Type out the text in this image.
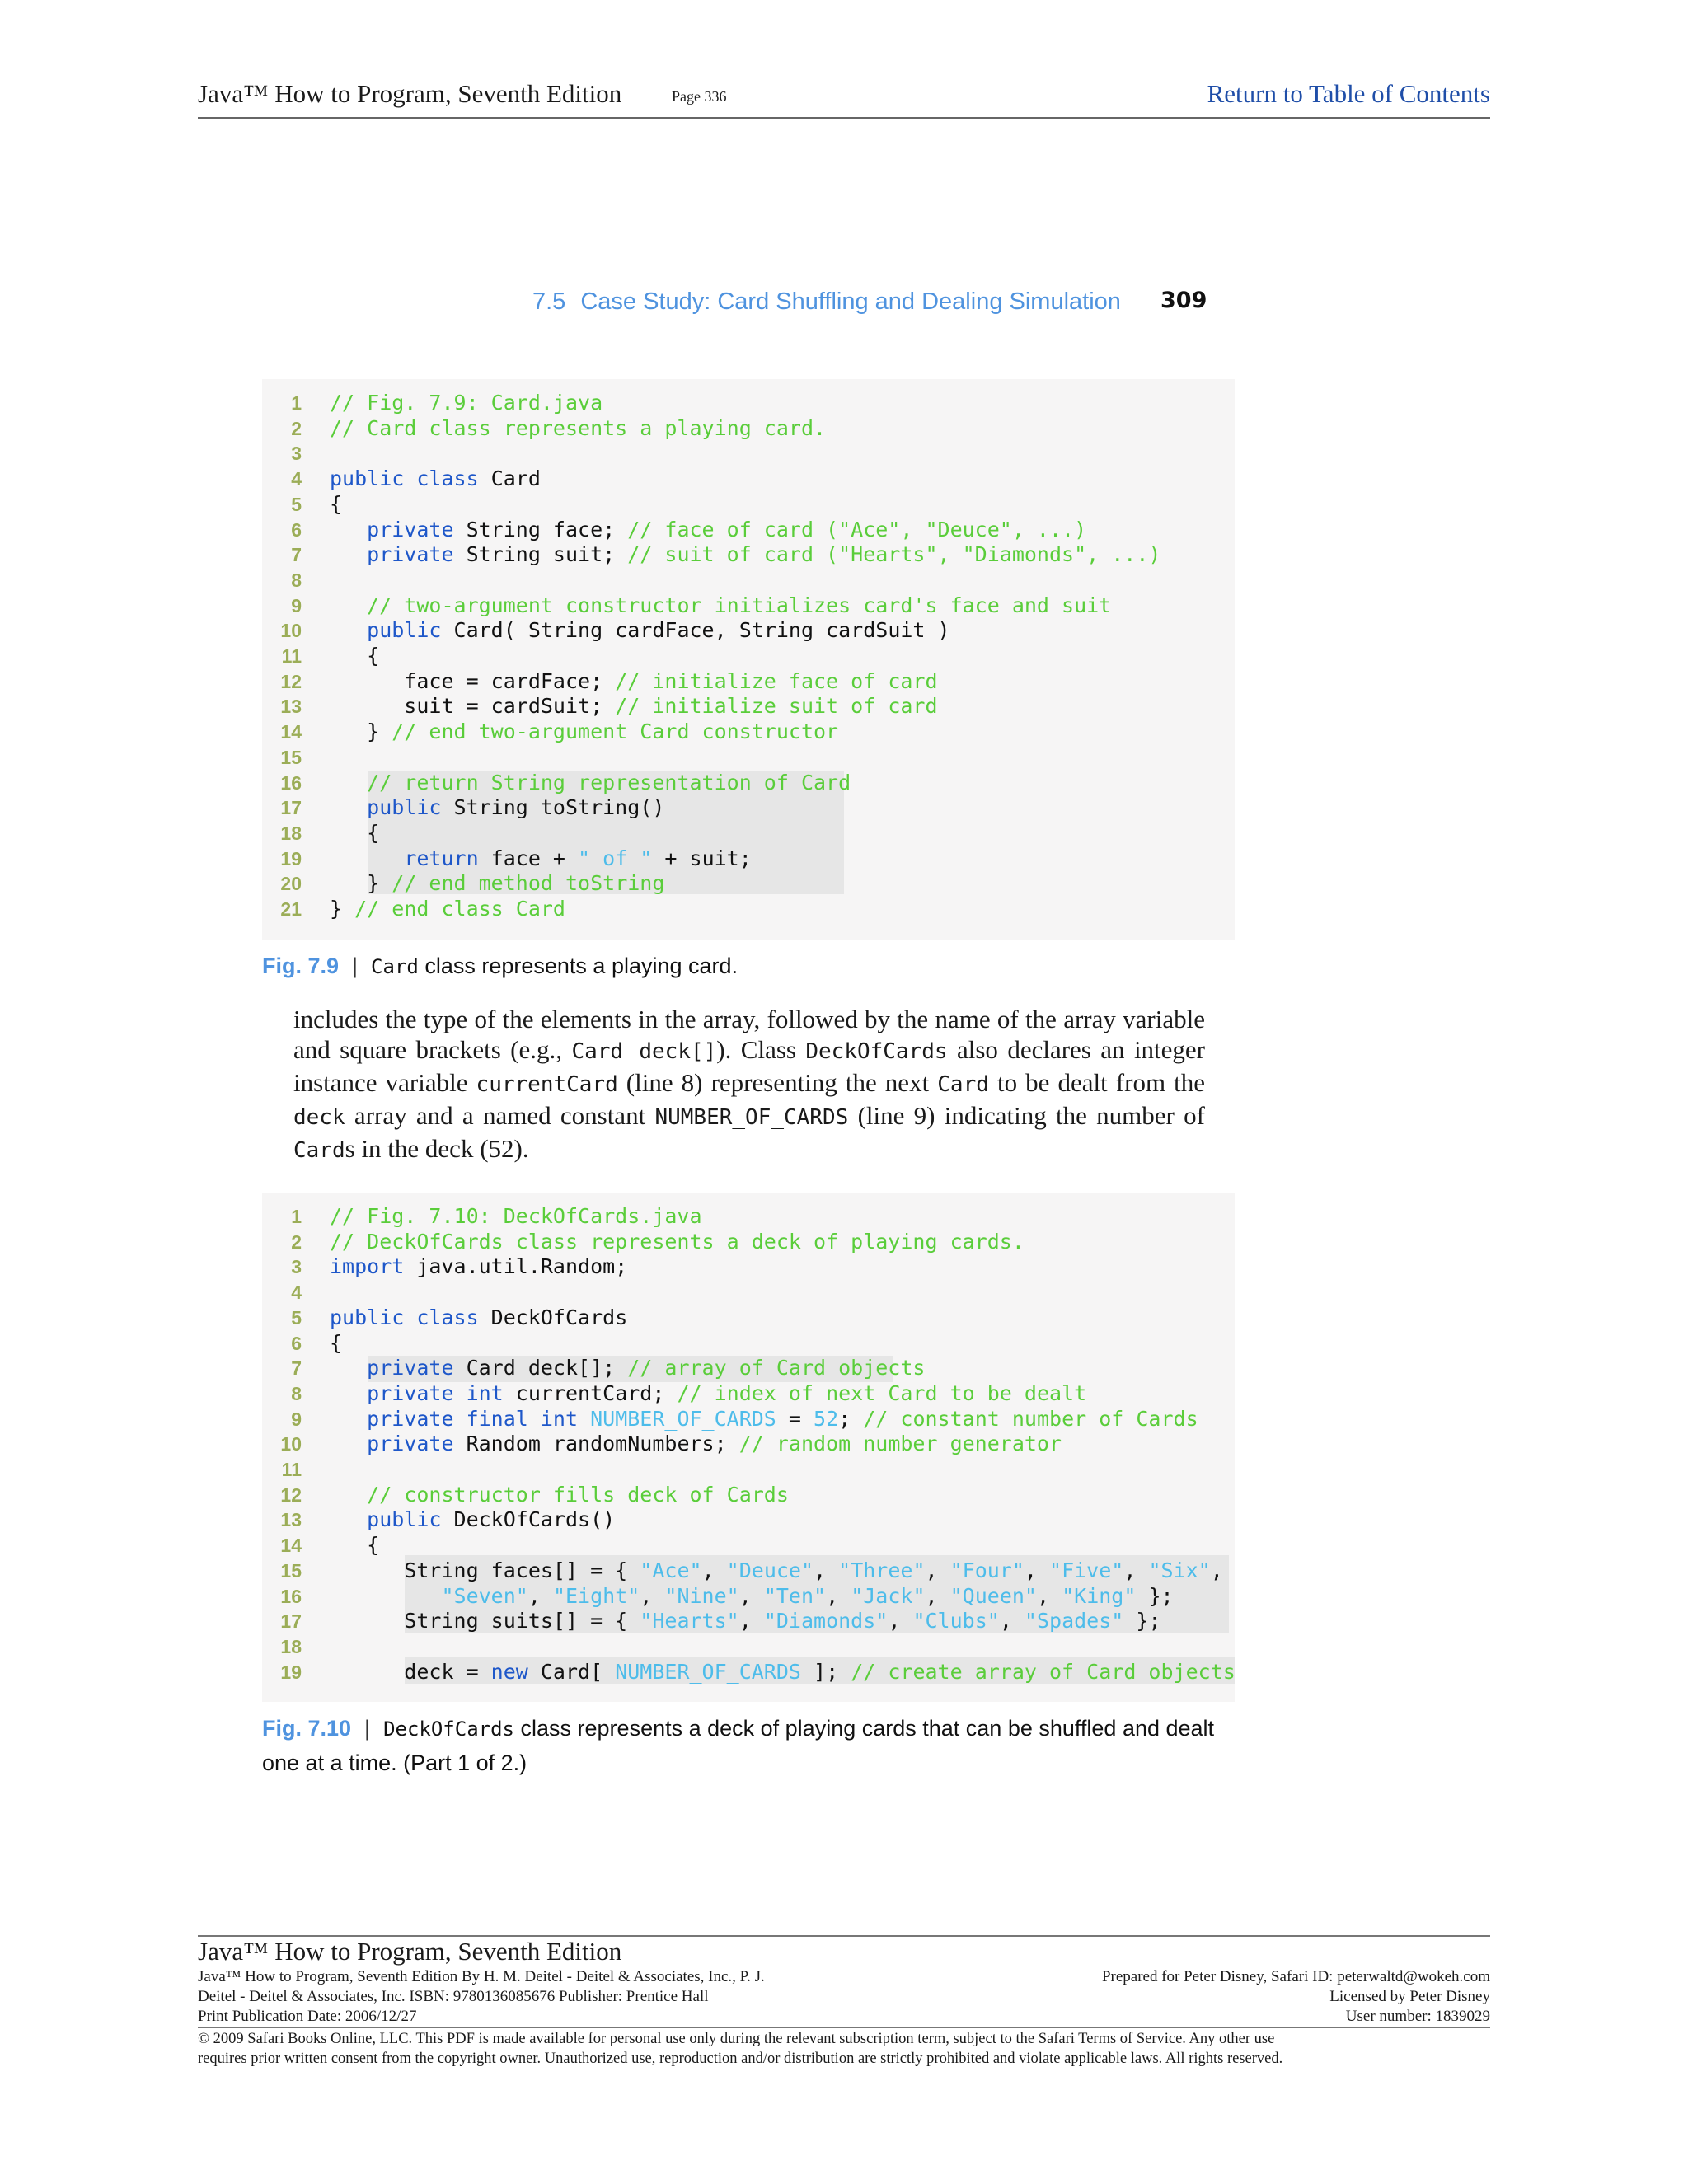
Java™ How to Program, Seventh Edition	Page 336	Return to Table of Contents
7.5 Case Study: Card Shuffling and Dealing Simulation 309
1 // Fig. 7.9: Card.java
2 // Card class represents a playing card.
3
4 public class Card
5 {
6	private String face; // face of card ("Ace", "Deuce", ...)
7	private String suit; // suit of card ("Hearts", "Diamonds", ...)
8
9	// two-argument constructor initializes card's face and suit
10	public Card( String cardFace, String cardSuit )
11   {
12      face = cardFace; // initialize face of card
13      suit = cardSuit; // initialize suit of card
14   } // end two-argument Card constructor
15
16	// return String representation of Card
17	public String toString()
18   {
19	return face + " of " + suit;
20   } // end method toString
21 } // end class Card
Fig. 7.9 | Card class represents a playing card.
includes the type of the elements in the array, followed by the name of the array variable and square brackets (e.g., Card deck[]). Class DeckOfCards also declares an integer instance variable currentCard (line 8) representing the next Card to be dealt from the deck array and a named constant NUMBER_OF_CARDS (line 9) indicating the number of Cards in the deck (52).
1 // Fig. 7.10: DeckOfCards.java
2 // DeckOfCards class represents a deck of playing cards.
3 import java.util.Random;
4
5 public class DeckOfCards
6 {
7	private Card deck[]; // array of Card objects
8	private int currentCard; // index of next Card to be dealt
9	private final int NUMBER_OF_CARDS = 52; // constant number of Cards
10	private Random randomNumbers; // random number generator
11
12	// constructor fills deck of Cards
13	public DeckOfCards()
14   {
15      String faces[] = { "Ace", "Deuce", "Three", "Four", "Five", "Six",
16	"Seven", "Eight", "Nine", "Ten", "Jack", "Queen", "King" };
17      String suits[] = { "Hearts", "Diamonds", "Clubs", "Spades" };
18
19      deck = new Card[ NUMBER_OF_CARDS ]; // create array of Card objects
Fig. 7.10 | DeckOfCards class represents a deck of playing cards that can be shuffled and dealt one at a time. (Part 1 of 2.)
Java™ How to Program, Seventh Edition
Java™ How to Program, Seventh Edition By H. M. Deitel - Deitel & Associates, Inc., P. J.
Deitel - Deitel & Associates, Inc. ISBN: 9780136085676 Publisher: Prentice Hall
Print Publication Date: 2006/12/27
Prepared for Peter Disney, Safari ID: peterwaltd@wokeh.com
Licensed by Peter Disney
User number: 1839029
© 2009 Safari Books Online, LLC. This PDF is made available for personal use only during the relevant subscription term, subject to the Safari Terms of Service. Any other use
requires prior written consent from the copyright owner. Unauthorized use, reproduction and/or distribution are strictly prohibited and violate applicable laws. All rights reserved.
